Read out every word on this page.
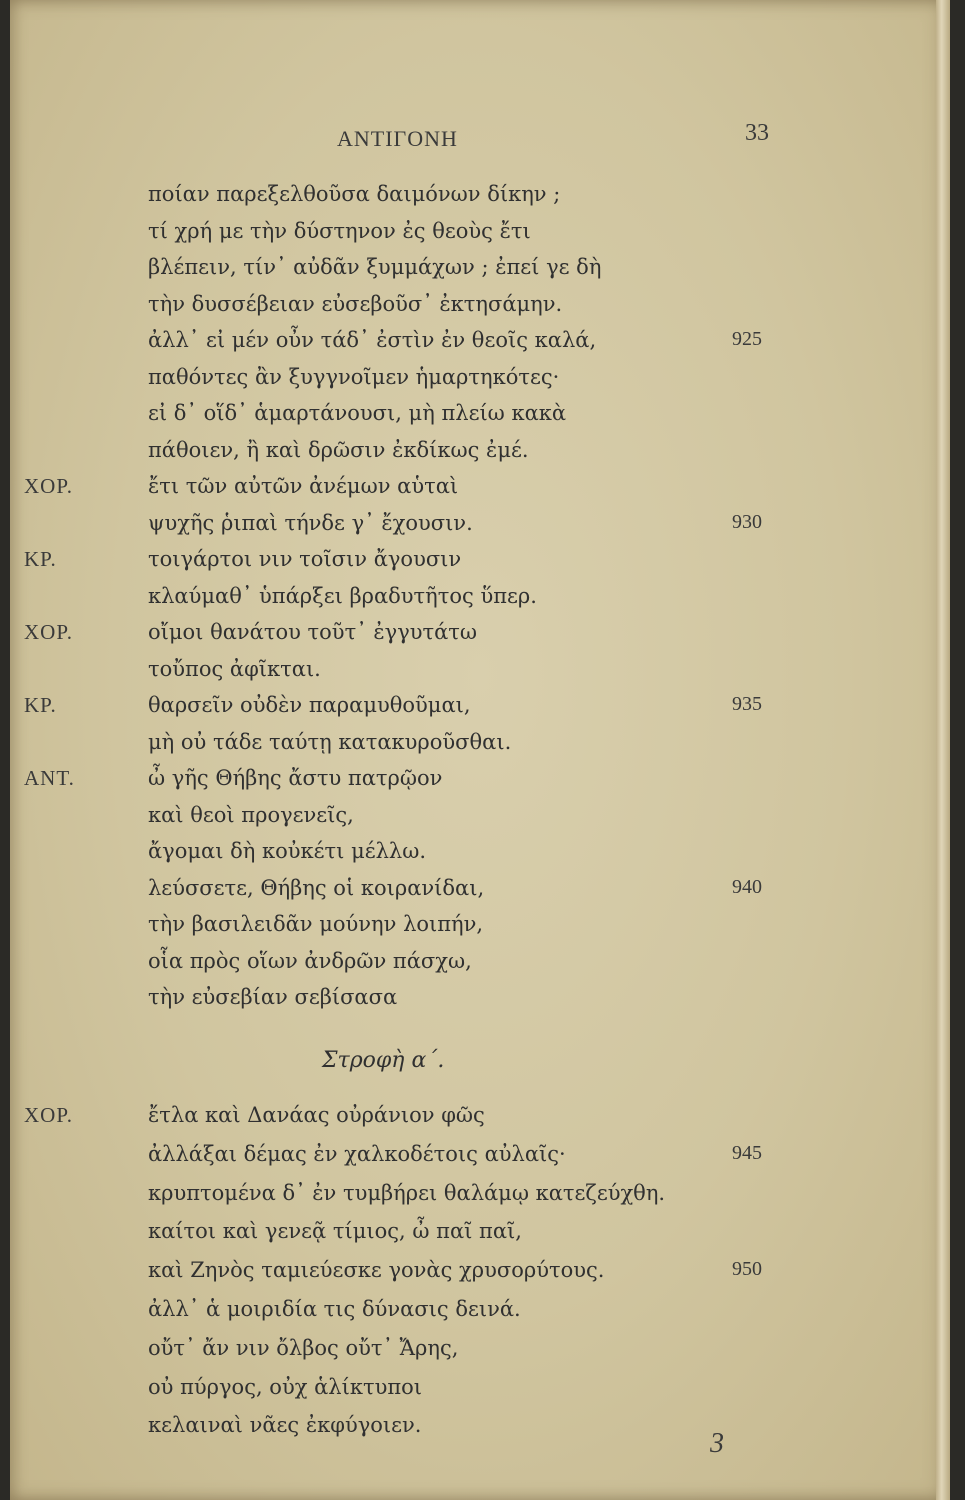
ΑΝΤΙΓΟΝΗ	33
ποίαν παρεξελθοῦσα δαιμόνων δίκην ;
τί χρή με τὴν δύστηνον ἐς θεοὺς ἔτι
βλέπειν, τίν᾽ αὐδᾶν ξυμμάχων ; ἐπεί γε δὴ
τὴν δυσσέβειαν εὐσεβοῦσ᾽ ἐκτησάμην.
ἀλλ᾽ εἰ μέν οὖν τάδ᾽ ἐστὶν ἐν θεοῖς καλά,	925
παθόντες ἂν ξυγγνοῖμεν ἡμαρτηκότες·
εἰ δ᾽ οἵδ᾽ ἁμαρτάνουσι, μὴ πλείω κακὰ
πάθοιεν, ἢ καὶ δρῶσιν ἐκδίκως ἐμέ.
ΧΟΡ.	ἔτι τῶν αὐτῶν ἀνέμων αὑταὶ
ψυχῆς ῥιπαὶ τήνδε γ᾽ ἔχουσιν.	930
ΚΡ.	τοιγάρτοι νιν τοῖσιν ἄγουσιν
κλαύμαθ᾽ ὑπάρξει βραδυτῆτος ὕπερ.
ΧΟΡ.	οἴμοι θανάτου τοῦτ᾽ ἐγγυτάτω
τοὔπος ἀφῖκται.
ΚΡ.	θαρσεῖν οὐδὲν παραμυθοῦμαι,	935
μὴ οὐ τάδε ταύτῃ κατακυροῦσθαι.
ΑΝΤ.	ὦ γῆς Θήβης ἄστυ πατρῷον
καὶ θεοὶ προγενεῖς,
ἄγομαι δὴ κοὐκέτι μέλλω.
λεύσσετε, Θήβης οἱ κοιρανίδαι,	940
τὴν βασιλειδᾶν μούνην λοιπήν,
οἷα πρὸς οἵων ἀνδρῶν πάσχω,
τὴν εὐσεβίαν σεβίσασα
Στροφὴ α΄.
ΧΟΡ.	ἔτλα καὶ Δανάας οὐράνιον φῶς
ἀλλάξαι δέμας ἐν χαλκοδέτοις αὐλαῖς·	945
κρυπτομένα δ᾽ ἐν τυμβήρει θαλάμῳ κατεζεύχθη.
καίτοι καὶ γενεᾷ τίμιος, ὦ παῖ παῖ,
καὶ Ζηνὸς ταμιεύεσκε γονὰς χρυσορύτους.	950
ἀλλ᾽ ἁ μοιριδία τις δύνασις δεινά.
οὔτ᾽ ἄν νιν ὄλβος οὔτ᾽ Ἄρης,
οὐ πύργος, οὐχ ἁλίκτυποι
κελαιναὶ νᾶες ἐκφύγοιεν.
3
